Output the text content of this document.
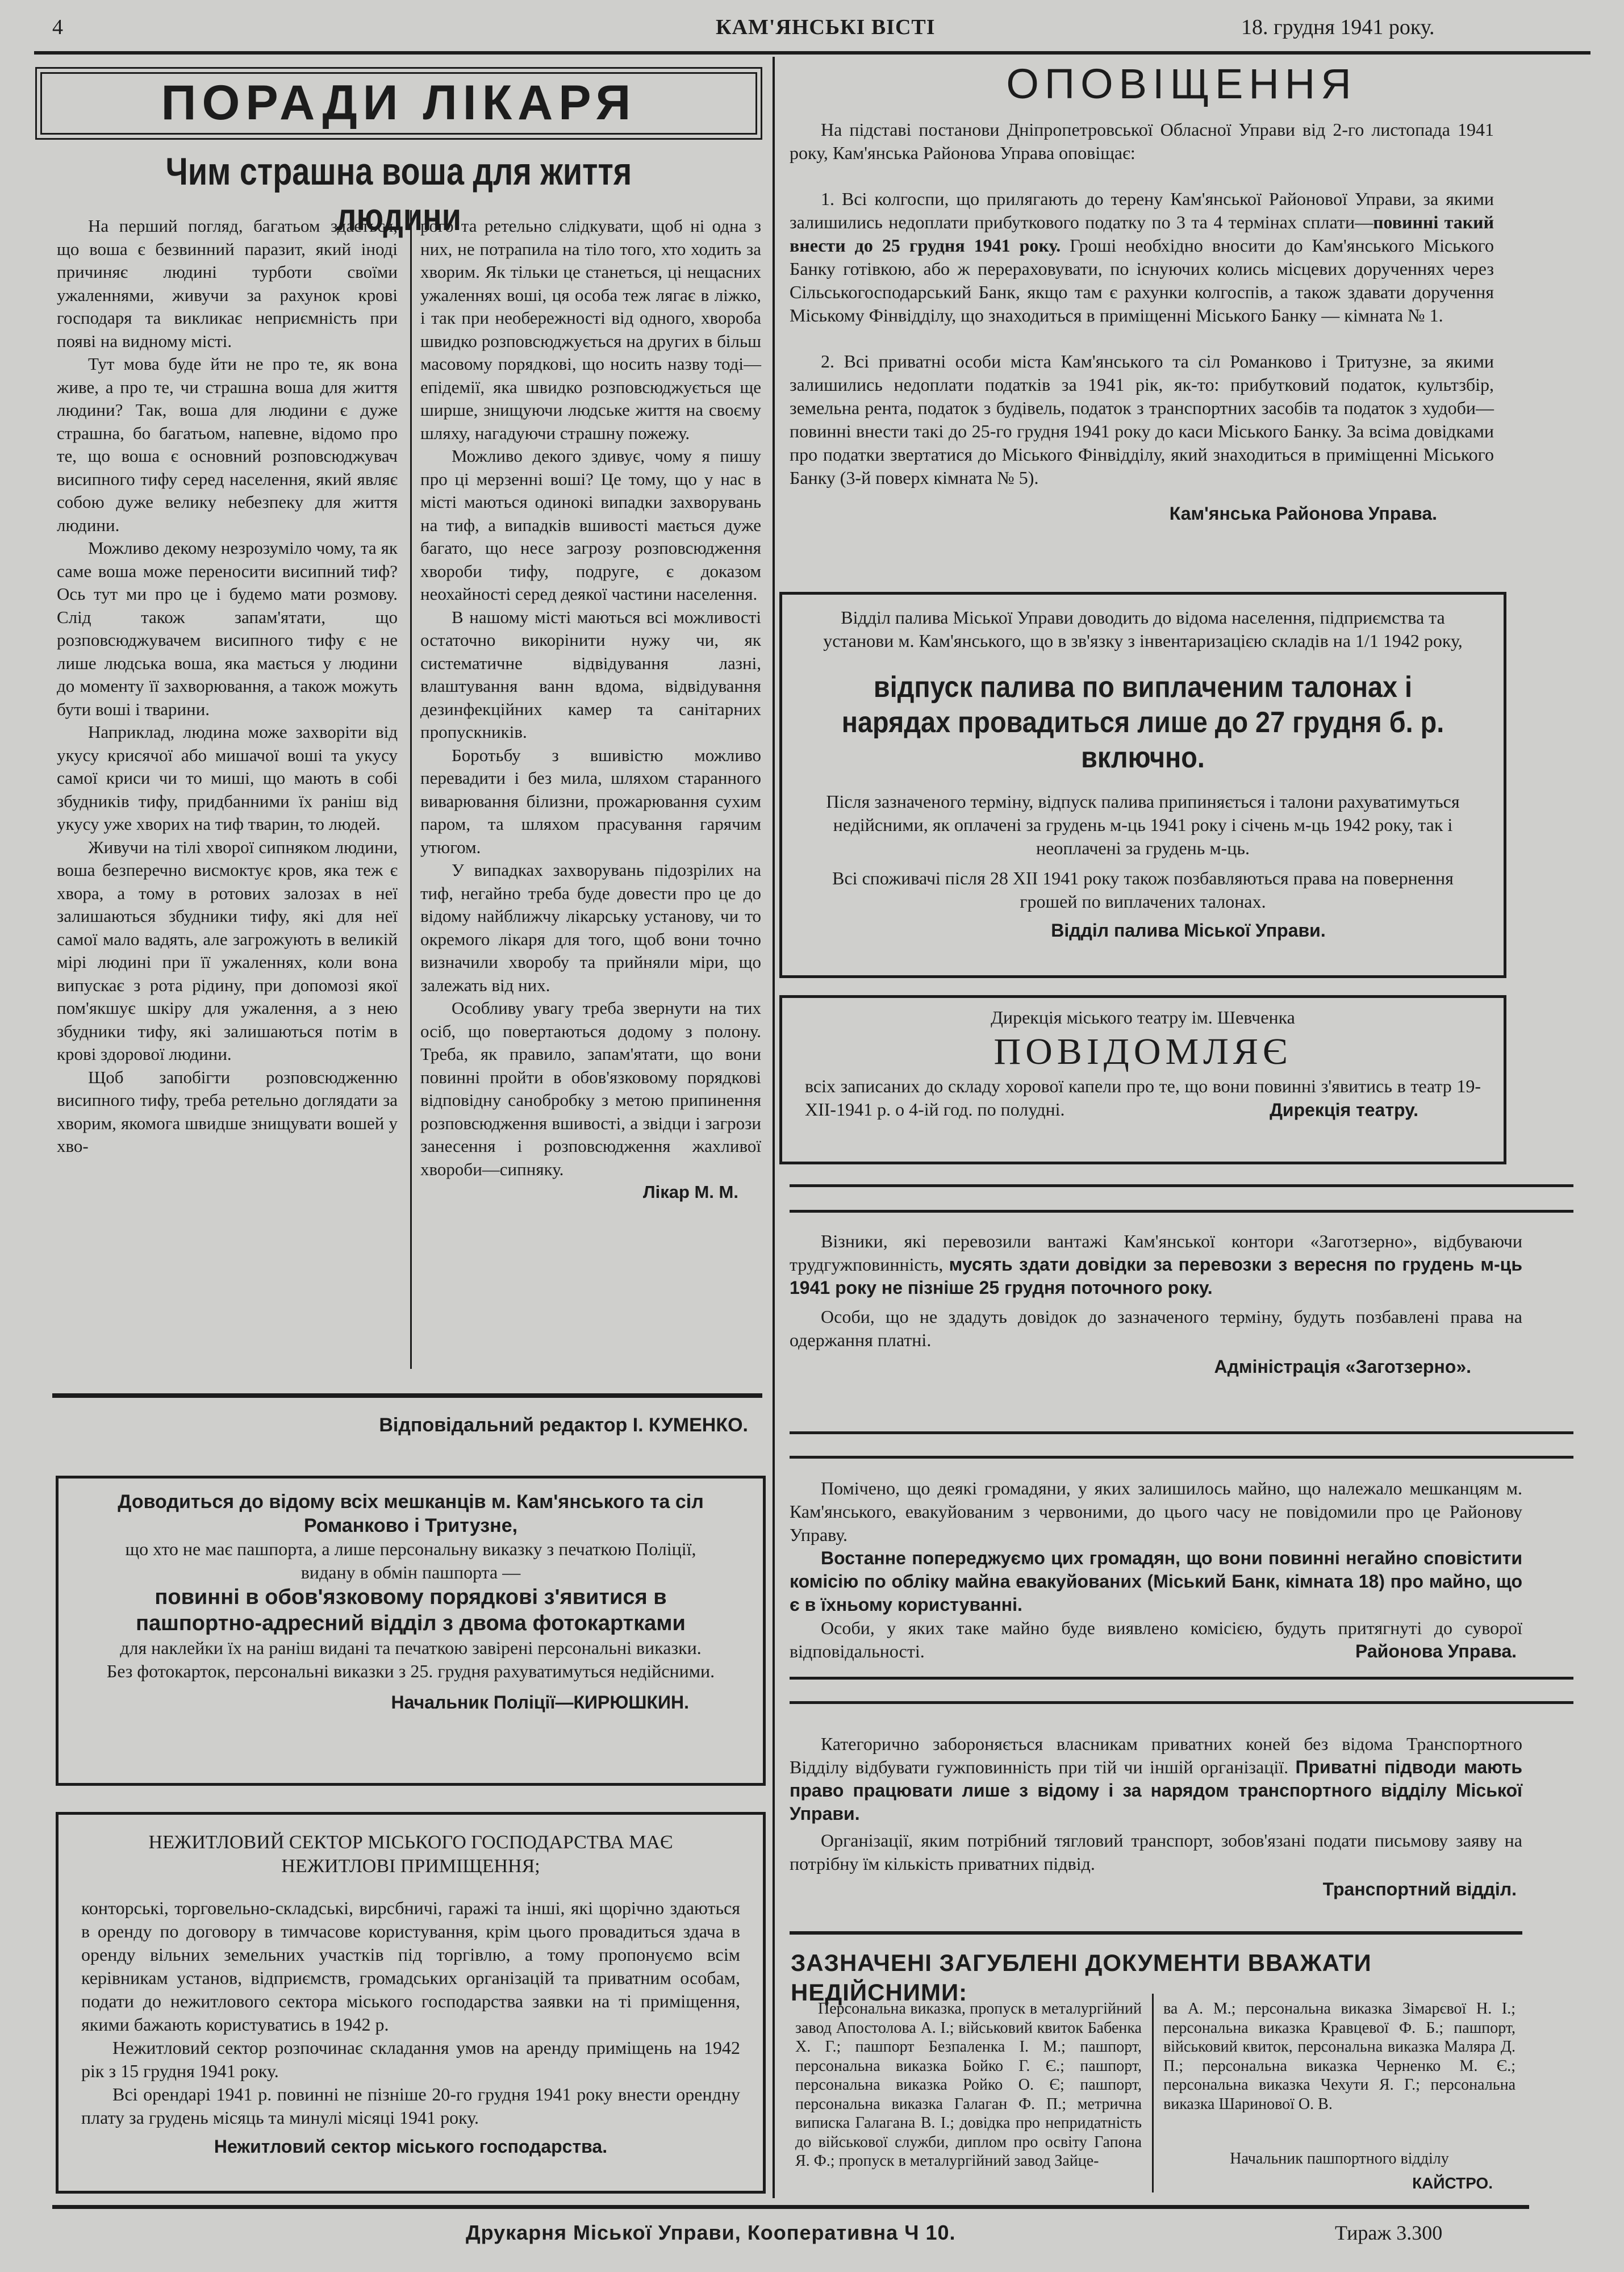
4	КАМ'ЯНСЬКІ ВІСТІ	18. грудня 1941 року.
ПОРАДИ ЛІКАРЯ
Чим страшна воша для життя людини

На перший погляд, багатьом здається, що воша є безвинний паразит, який іноді причиняє людині турботи своїми ужаленнями, живучи за рахунок крові господаря та викликає неприємність при появі на видному місті.

Тут мова буде йти не про те, як вона живе, а про те, чи страшна воша для життя людини? Так, воша для людини є дуже страшна, бо багатьом, напевне, відомо про те, що воша є основний розповсюджувач висипного тифу серед населення, який являє собою дуже велику небезпеку для життя людини.

Можливо декому незрозуміло чому, та як саме воша може переносити висипний тиф? Ось тут ми про це і будемо мати розмову. Слід також запам'ятати, що розповсюджувачем висипного тифу є не лише людська воша, яка мається у людини до моменту її захворювання, а також можуть бути воші і тварини.

Наприклад, людина може захворіти від укусу крисячої або мишачої воші та укусу самої криси чи то миші, що мають в собі збудників тифу, придбанними їх раніш від укусу уже хворих на тиф тварин, то людей.

Живучи на тілі хворої сипняком людини, воша безперечно висмоктує кров, яка теж є хвора, а тому в ротових залозах в неї залишаються збудники тифу, які для неї самої мало вадять, але загрожують в великій мірі людині при її ужаленнях, коли вона випускає з рота рідину, при допомозі якої пом'якшує шкіру для ужалення, а з нею збудники тифу, які залишаються потім в крові здорової людини.

Щоб запобігти розповсюдженню висипного тифу, треба ретельно доглядати за хворим, якомога швидше знищувати вошей у хво-

рого та ретельно слідкувати, щоб ні одна з них, не потрапила на тіло того, хто ходить за хворим. Як тільки це станеться, ці нещасних ужаленнях вошi, ця особа теж лягає в ліжко, і так при необережності від одного, хвороба швидко розповсюджується на других в більш масовому порядкові, що носить назву тоді—епідемії, яка швидко розповсюджується ще ширше, знищуючи людське життя на своєму шляху, нагадуючи страшну пожежу.

Можливо декого здивує, чому я пишу про ці мерзенні воші? Це тому, що у нас в місті маються одинокі випадки захворувань на тиф, а випадків вшивості мається дуже багато, що несе загрозу розповсюдження хвороби тифу, подруге, є доказом неохайності серед деякої частини населення.

В нашому місті маються всі можливості остаточно викорінити нужу чи, як систематичне відвідування лазні, влаштування ванн вдома, відвідування дезинфекційних камер та санітарних пропускників.

Боротьбу з вшивістю можливо перевадити і без мила, шляхом старанного виварювання білизни, прожарювання сухим паром, та шляхом прасування гарячим утюгом.

У випадках захворувань підозрілих на тиф, негайно треба буде довести про це до відому найближчу лікарську установу, чи то окремого лікаря для того, щоб вони точно визначили хворобу та прийняли міри, що залежать від них.

Особливу увагу треба звернути на тих осіб, що повертаються додому з полону. Треба, як правило, запам'ятати, що вони повинні пройти в обов'язковому порядкові відповідну санобробку з метою припинення розповсюдження вшивості, а звідци і загрози занесення і розповсюдження жахливої хвороби—сипняку.

Лікар М. М.

Відповідальний редактор І. КУМЕНКО.
Доводиться до відому всіх мешканців м. Кам'янського та сіл Романково і Тритузне,
що хто не має пашпорта, а лише персональну виказку з печаткою Поліції, видану в обмін пашпорта —
повинні в обов'язковому порядкові з'явитися в пашпортно-адресний відділ з двома фотокартками
для наклейки їх на раніш видані та печаткою завірені персональні виказки.
Без фотокарток, персональні виказки з 25. грудня рахуватимуться недійсними.
Начальник Поліції—КИРЮШКИН.
НЕЖИТЛОВИЙ СЕКТОР МІСЬКОГО ГОСПОДАРСТВА МАЄ НЕЖИТЛОВІ ПРИМІЩЕННЯ;

конторські, торговельно-складські, вирсбничі, гаражі та інші, які щорічно здаються в оренду по договору в тимчасове користування, крім цього провадиться здача в оренду вільних земельних участків під торгівлю, а тому пропонуємо всім керівникам установ, відприємств, громадських організацій та приватним особам, подати до нежитлового сектора міського господарства заявки на ті приміщення, якими бажають користуватись в 1942 р.

Нежитловий сектор розпочинає складання умов на аренду приміщень на 1942 рік з 15 грудня 1941 року.

Всі орендарі 1941 р. повинні не пізніше 20-го грудня 1941 року внести орендну плату за грудень місяць та минулі місяці 1941 року.

Нежитловий сектор міського господарства.
ОПОВІЩЕННЯ

На підставі постанови Дніпропетровської Обласної Управи від 2-го листопада 1941 року, Кам'янська Районова Управа оповіщає:

1. Всі колгоспи, що прилягають до терену Кам'янської Районової Управи, за якими залишились недоплати прибуткового податку по 3 та 4 термінах сплати—повинні такий внести до 25 грудня 1941 року. Гроші необхідно вносити до Кам'янського Міського Банку готівкою, або ж перераховувати, по існуючих колись місцевих дорученнях через Сільськогосподарський Банк, якщо там є рахунки колгоспів, а також здавати доручення Міському Фінвідділу, що знаходиться в приміщенні Міського Банку — кімната № 1.

2. Всі приватні особи міста Кам'янського та сіл Романково і Тритузне, за якими залишились недоплати податків за 1941 рік, як-то: прибутковий податок, культзбір, земельна рента, податок з будівель, податок з транспортних засобів та податок з худоби—повинні внести такі до 25-го грудня 1941 року до каси Міського Банку. За всіма довідками про податки звертатися до Міського Фінвідділу, який знаходиться в приміщенні Міського Банку (3-й поверх кімната № 5).

Кам'янська Районова Управа.
Відділ палива Міської Управи доводить до відома населення, підприємства та установи м. Кам'янського, що в зв'язку з інвентаризацією складів на 1/1 1942 року,
відпуск палива по виплаченим талонах і нарядах провадиться лише до 27 грудня б. р. включно.
Після зазначеного терміну, відпуск палива припиняється і талони рахуватимуться недійсними, як оплачені за грудень м-ць 1941 року і січень м-ць 1942 року, так і неоплачені за грудень м-ць.
Всі споживачі після 28 XII 1941 року також позбавляються права на повернення грошей по виплачених талонах.
Відділ палива Міської Управи.
Дирекція міського театру ім. Шевченка
ПОВІДОМЛЯЄ

всіх записаних до складу хорової капели про те, що вони повинні з'явитись в театр 19-XII-1941 р. о 4-ій год. по полудні.	Дирекція театру.

Візники, які перевозили вантажі Кам'янської контори «Заготзерно», відбуваючи трудгужповинність, мусять здати довідки за перевозки з вересня по грудень м-ць 1941 року не пізніше 25 грудня поточного року.

Особи, що не здадуть довідок до зазначеного терміну, будуть позбавлені права на одержання платні.

Адміністрація «Заготзерно».

Помічено, що деякі громадяни, у яких залишилось майно, що належало мешканцям м. Кам'янського, евакуйованим з червоними, до цього часу не повідомили про це Районову Управу.

Востанне попереджуємо цих громадян, що вони повинні негайно сповістити комісію по обліку майна евакуйованих (Міський Банк, кімната 18) про майно, що є в їхньому користуванні.

Особи, у яких таке майно буде виявлено комісією, будуть притягнуті до суворої відповідальності.	Районова Управа.

Категорично забороняється власникам приватних коней без відома Транспортного Відділу відбувати гужповинність при тій чи іншій організації. Приватні підводи мають право працювати лише з відому і за нарядом транспортного відділу Міської Управи.

Організації, яким потрібний тягловий транспорт, зобов'язані подати письмову заяву на потрібну їм кількість приватних підвід.

Транспортний відділ.
ЗАЗНАЧЕНІ ЗАГУБЛЕНІ ДОКУМЕНТИ ВВАЖАТИ НЕДІЙСНИМИ:
Персональна виказка, пропуск в металургійний завод Апостолова А. І.; військовий квиток Бабенка Х. Г.; пашпорт Безпаленка І. М.; пашпорт, персональна виказка Бойко Г. Є.; пашпорт, персональна виказка Ройко О. Є; пашпорт, персональна виказка Галаган Ф. П.; метрична виписка Галагана В. І.; довідка про непридатність до військової служби, диплом про освіту Гапона Я. Ф.; пропуск в металургійний завод Зайце-
ва А. М.; персональна виказка Зімарєвої Н. І.; персональна виказка Кравцевої Ф. Б.; пашпорт, військовий квиток, персональна виказка Маляра Д. П.; персональна виказка Черненко М. Є.; персональна виказка Чехути Я. Г.; персональна виказка Шаринової О. В.
Начальник пашпортного відділу
КАЙСТРО.
Друкарня Міської Управи, Кооперативна Ч 10.	Тираж 3.300
